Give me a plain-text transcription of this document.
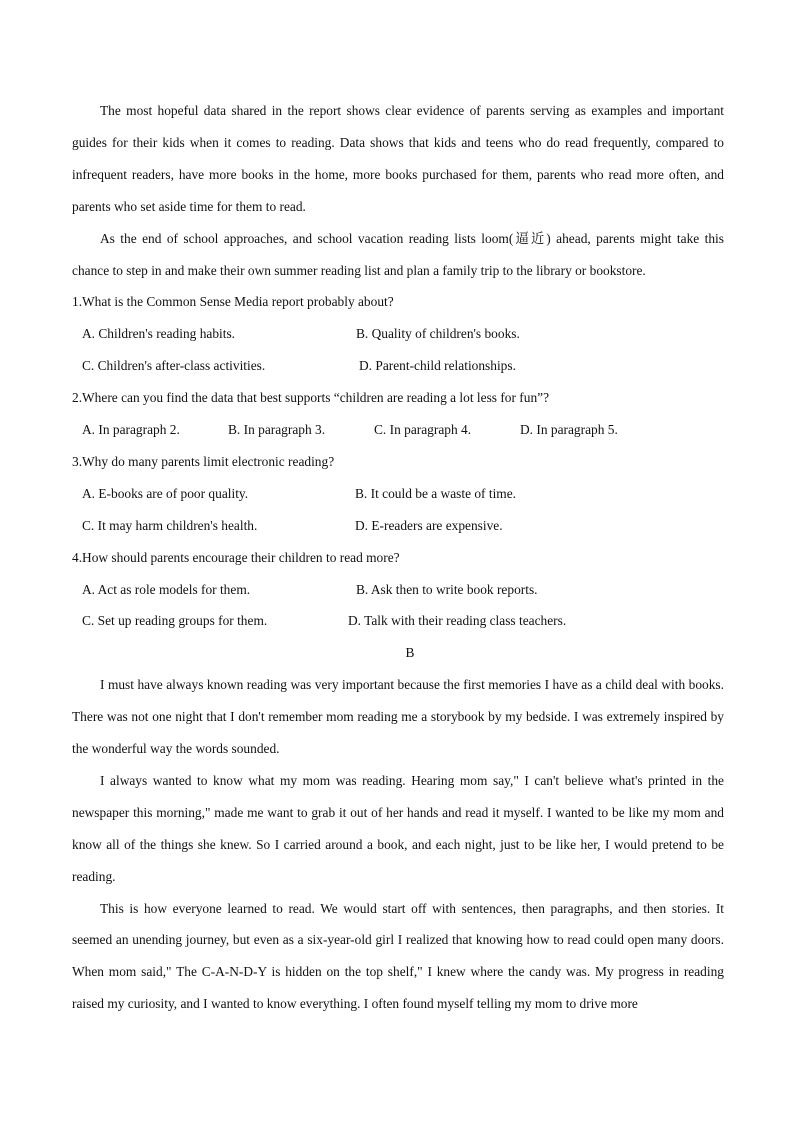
The most hopeful data shared in the report shows clear evidence of parents serving as examples and important guides for their kids when it comes to reading. Data shows that kids and teens who do read frequently, compared to infrequent readers, have more books in the home, more books purchased for them, parents who read more often, and parents who set aside time for them to read.

As the end of school approaches, and school vacation reading lists loom(逼近) ahead, parents might take this chance to step in and make their own summer reading list and plan a family trip to the library or bookstore.

1.What is the Common Sense Media report probably about?

A. Children's reading habits.	B. Quality of children's books.
C. Children's after-class activities.	D. Parent-child relationships.

2.Where can you find the data that best supports “children are reading a lot less for fun”?

A. In paragraph 2.	B. In paragraph 3.	C. In paragraph 4.	D. In paragraph 5.

3.Why do many parents limit electronic reading?

A. E-books are of poor quality.	B. It could be a waste of time.
C. It may harm children's health.	D. E-readers are expensive.

4.How should parents encourage their children to read more?

A. Act as role models for them.	B. Ask then to write book reports.
C. Set up reading groups for them.	D. Talk with their reading class teachers.

B

I must have always known reading was very important because the first memories I have as a child deal with books. There was not one night that I don't remember mom reading me a storybook by my bedside. I was extremely inspired by the wonderful way the words sounded.

I always wanted to know what my mom was reading. Hearing mom say," I can't believe what's printed in the newspaper this morning," made me want to grab it out of her hands and read it myself. I wanted to be like my mom and know all of the things she knew. So I carried around a book, and each night, just to be like her, I would pretend to be reading.

This is how everyone learned to read. We would start off with sentences, then paragraphs, and then stories. It seemed an unending journey, but even as a six-year-old girl I realized that knowing how to read could open many doors. When mom said," The C-A-N-D-Y is hidden on the top shelf," I knew where the candy was. My progress in reading raised my curiosity, and I wanted to know everything. I often found myself telling my mom to drive more
